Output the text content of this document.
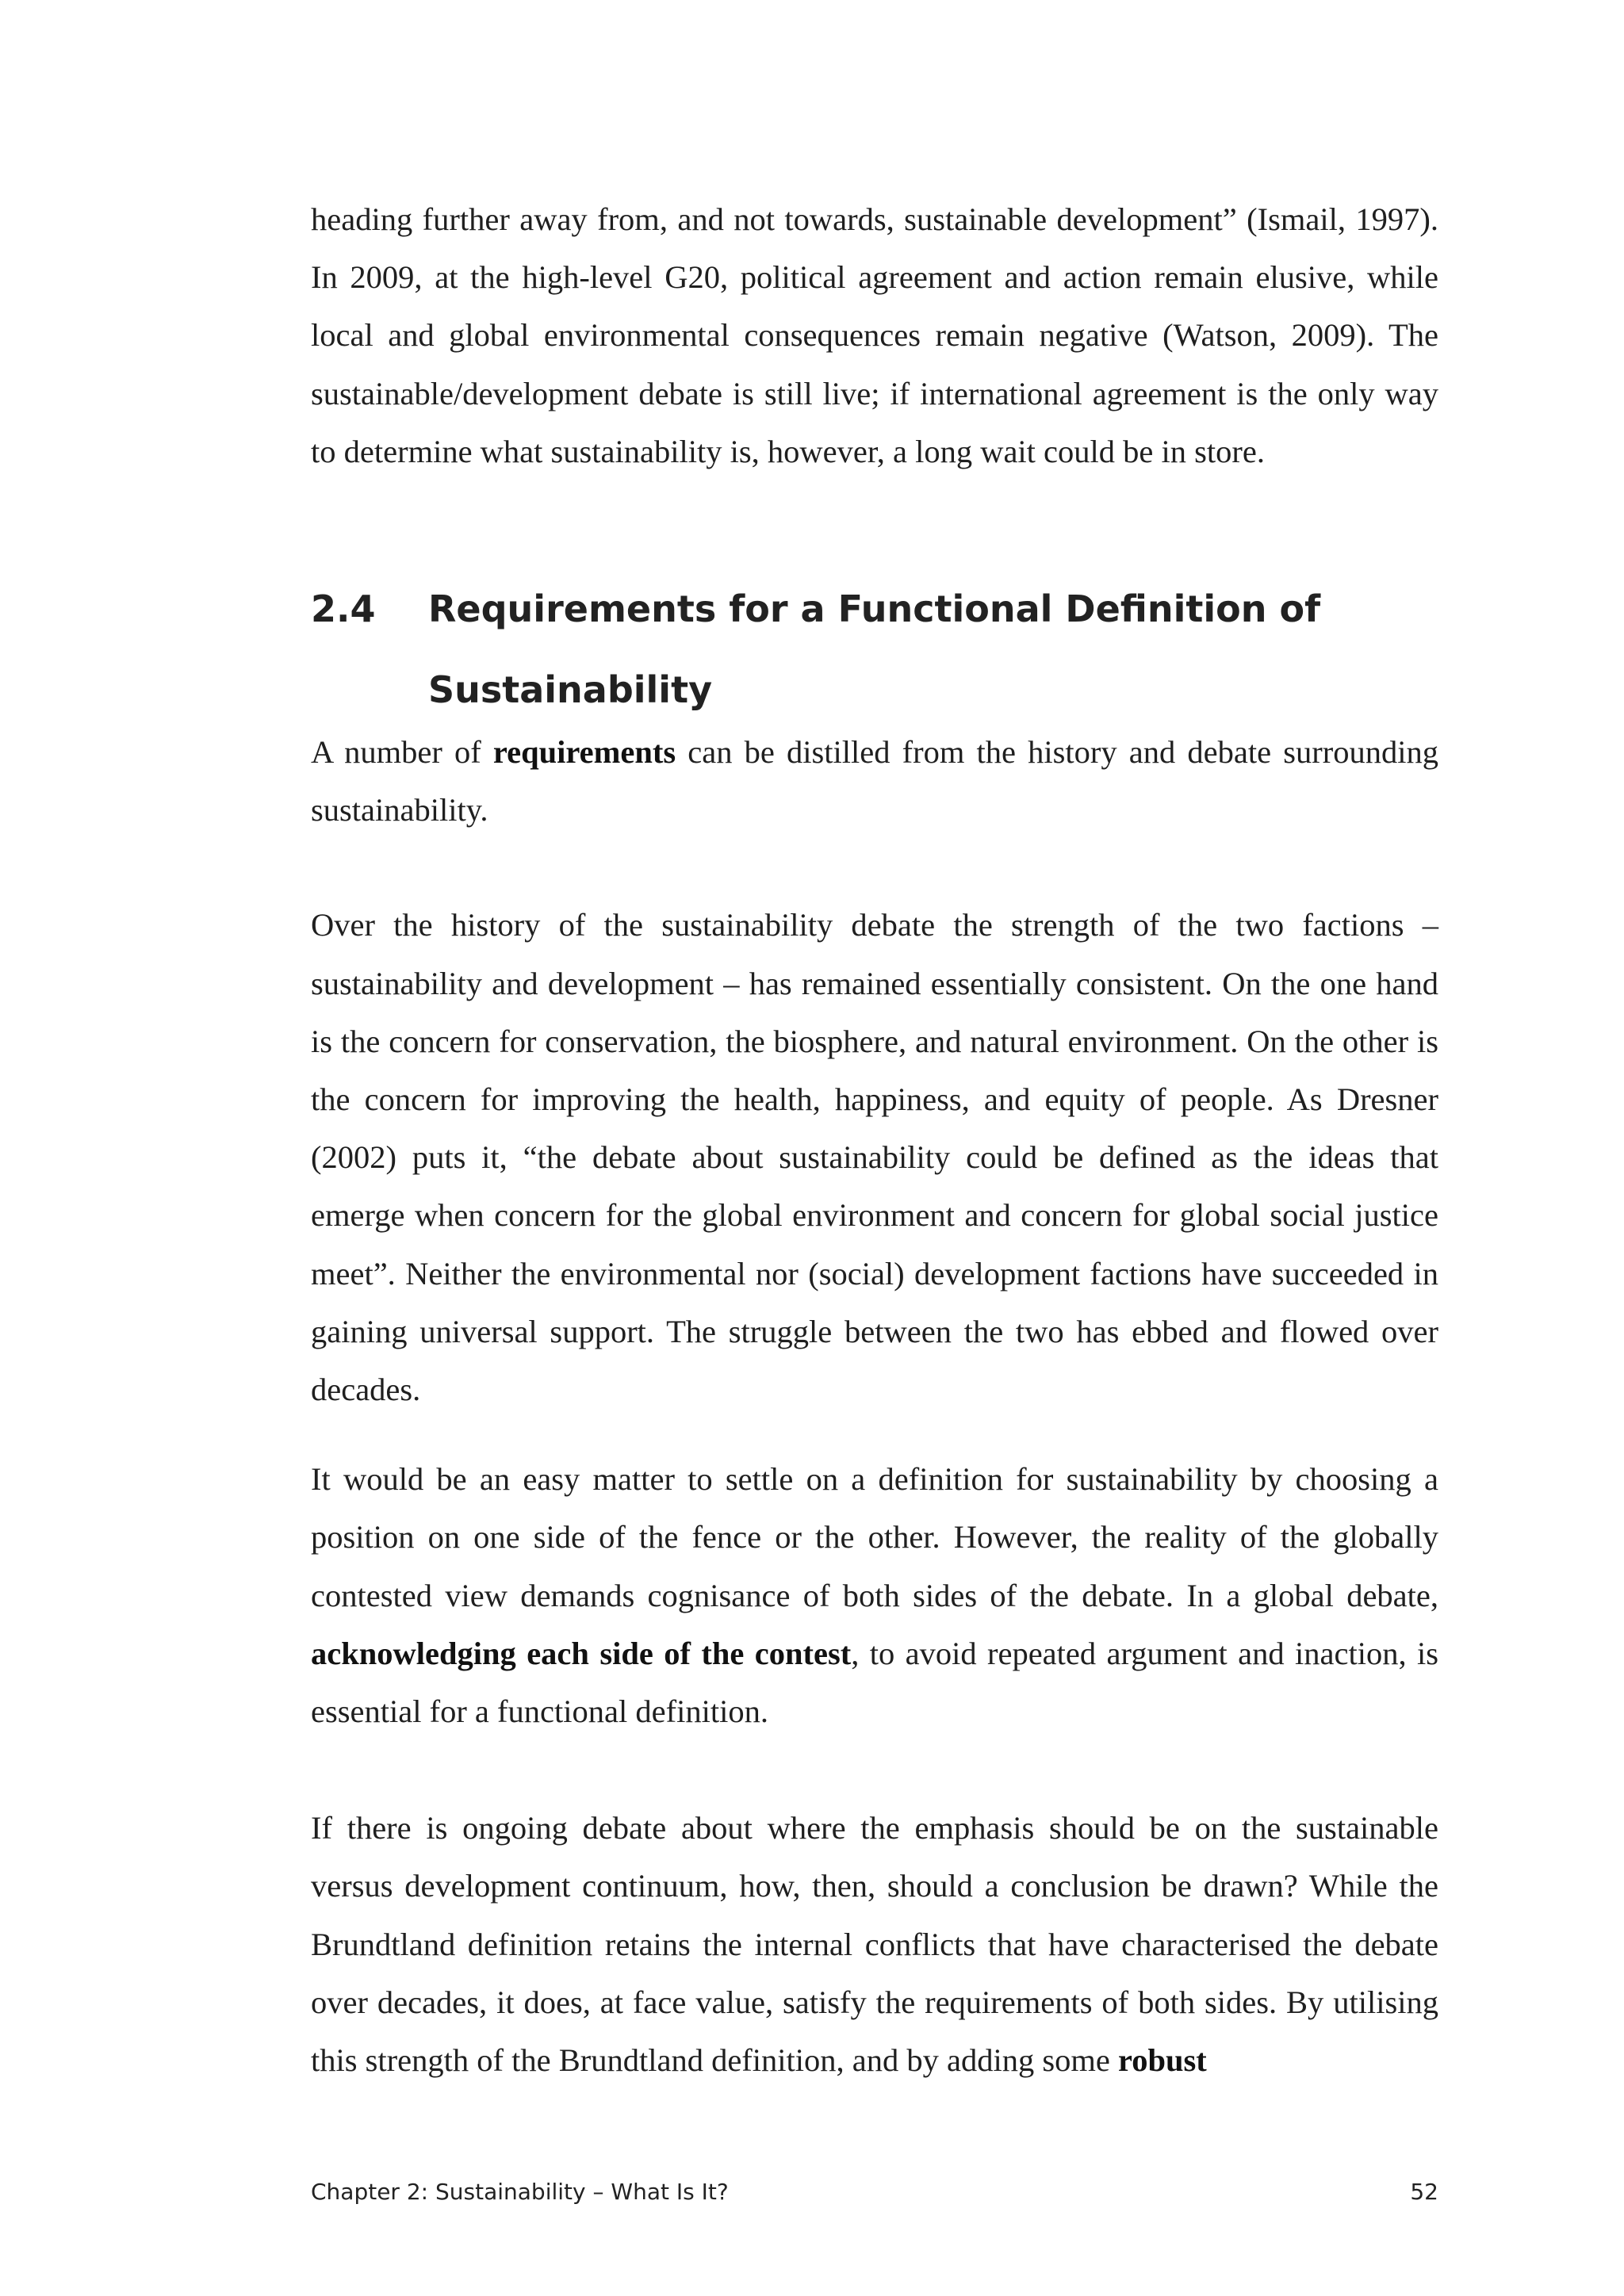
heading further away from, and not towards, sustainable development” (Ismail, 1997). In 2009, at the high-level G20, political agreement and action remain elusive, while local and global environmental consequences remain negative (Watson, 2009). The sustainable/development debate is still live; if international agreement is the only way to determine what sustainability is, however, a long wait could be in store.

2.4 Requirements for a Functional Definition of
Sustainability

A number of requirements can be distilled from the history and debate surrounding sustainability.

Over the history of the sustainability debate the strength of the two factions – sustainability and development – has remained essentially consistent. On the one hand is the concern for conservation, the biosphere, and natural environment. On the other is the concern for improving the health, happiness, and equity of people. As Dresner (2002) puts it, “the debate about sustainability could be defined as the ideas that emerge when concern for the global environment and concern for global social justice meet”. Neither the environmental nor (social) development factions have succeeded in gaining universal support. The struggle between the two has ebbed and flowed over decades.

It would be an easy matter to settle on a definition for sustainability by choosing a position on one side of the fence or the other. However, the reality of the globally contested view demands cognisance of both sides of the debate. In a global debate, acknowledging each side of the contest, to avoid repeated argument and inaction, is essential for a functional definition.

If there is ongoing debate about where the emphasis should be on the sustainable versus development continuum, how, then, should a conclusion be drawn? While the Brundtland definition retains the internal conflicts that have characterised the debate over decades, it does, at face value, satisfy the requirements of both sides. By utilising this strength of the Brundtland definition, and by adding some robust

Chapter 2: Sustainability – What Is It?	52
